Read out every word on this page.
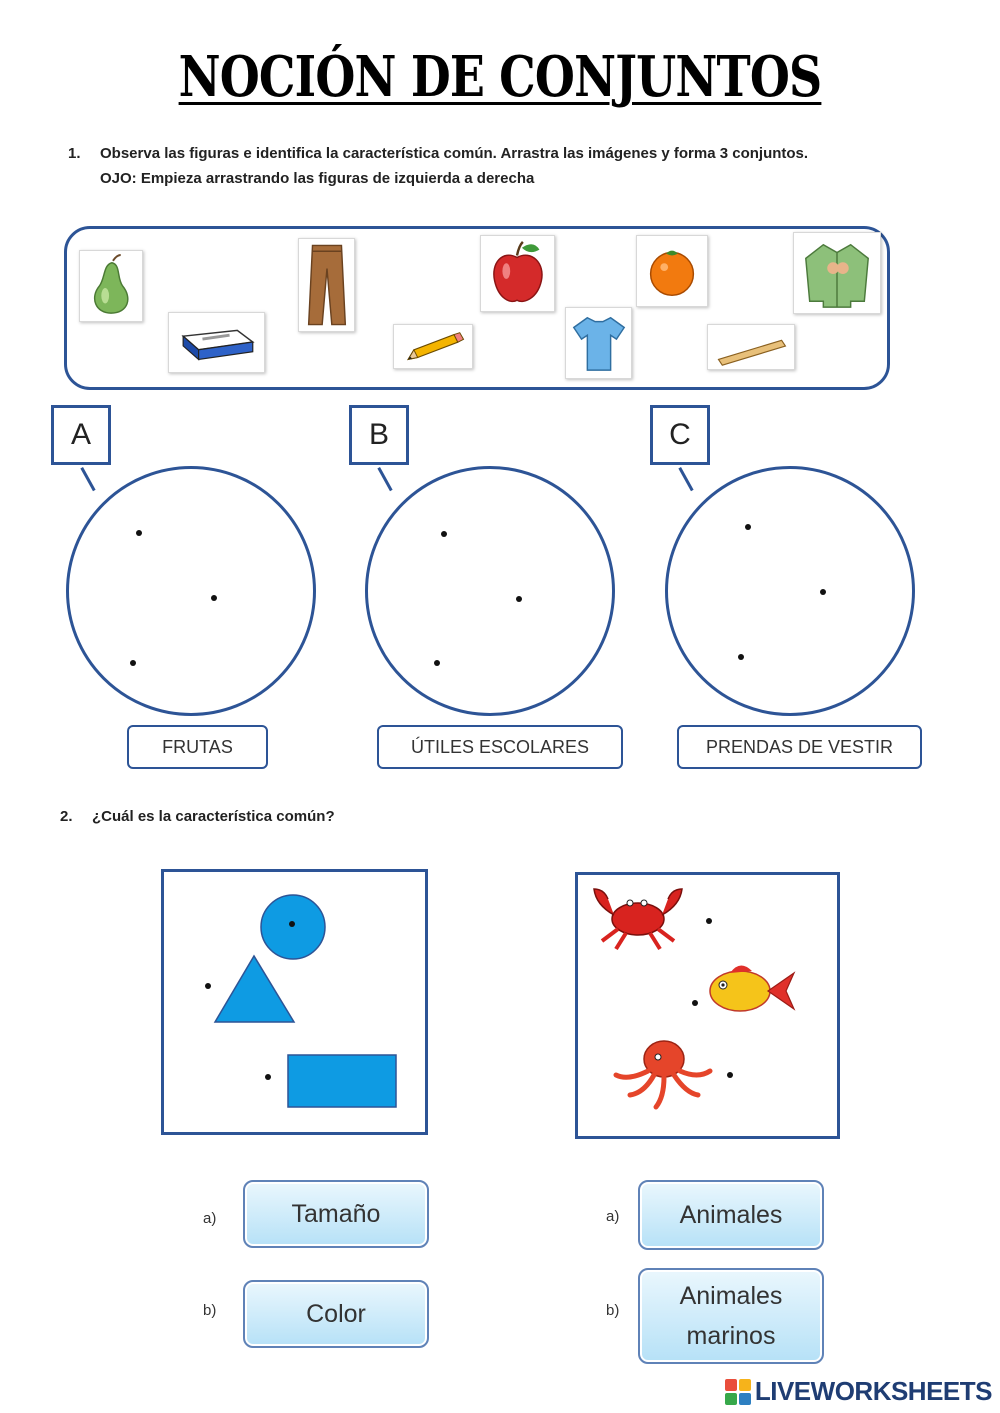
NOCIÓN DE CONJUNTOS
1. Observa las figuras e identifica la característica común. Arrastra las imágenes y forma 3 conjuntos.
OJO: Empieza arrastrando las figuras de izquierda a derecha
A
FRUTAS
B
ÚTILES ESCOLARES
C
PRENDAS DE VESTIR
2. ¿Cuál es la característica común?
a)	Tamaño
b)	Color
a)	Animales
b)
Animales marinos
LIVEWORKSHEETS
